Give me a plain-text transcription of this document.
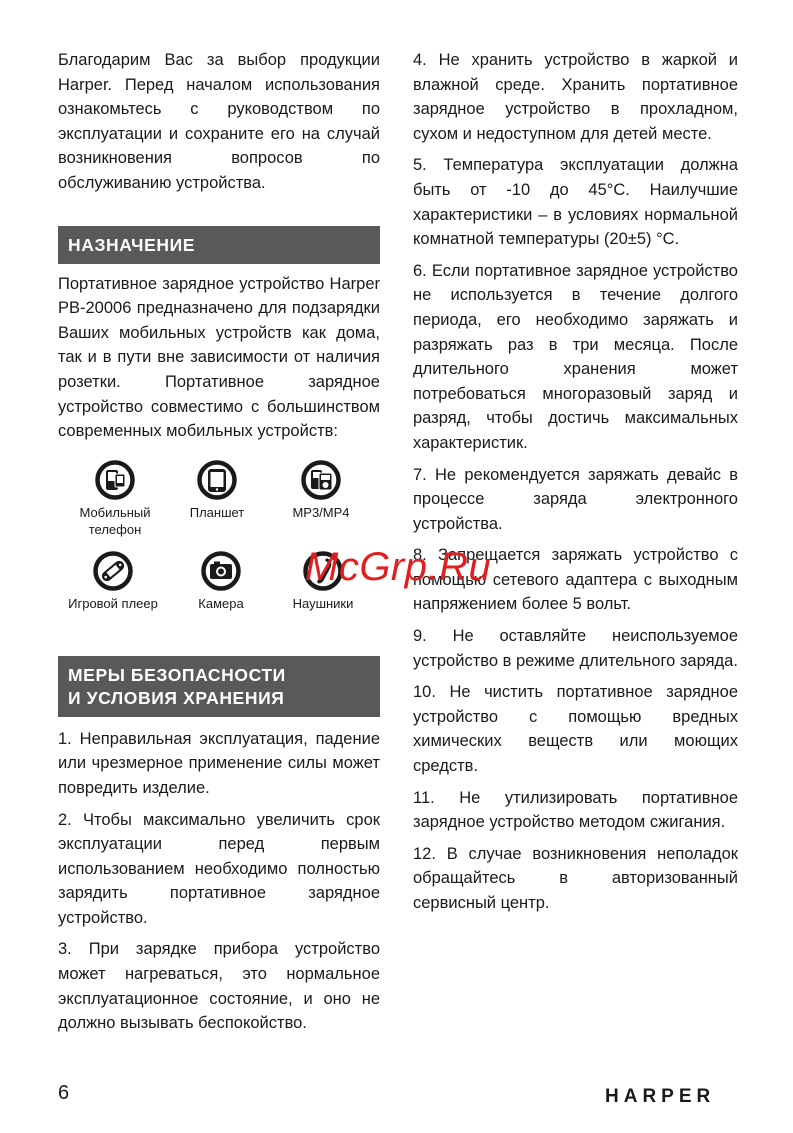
Благодарим Вас за выбор продукции Harper. Перед началом использования ознакомьтесь с руководством по эксплуатации и сохраните его на случай возникновения вопросов по обслуживанию устройства.

НАЗНАЧЕНИЕ

Портативное зарядное устройство Harper PB-20006 предназначено для подзарядки Ваших мобильных устройств как дома, так и в пути вне зависимости от наличия розетки. Портативное зарядное устройство совместимо с большинством современных мобильных устройств:

Мобильный телефон
Планшет	MP3/MP4
Игровой плеер	Камера	Наушники
МЕРЫ БЕЗОПАСНОСТИ
И УСЛОВИЯ ХРАНЕНИЯ

1. Неправильная эксплуатация, падение или чрезмерное применение силы может повредить изделие.

2. Чтобы максимально увеличить срок эксплуатации перед первым использованием необходимо полностью зарядить портативное зарядное устройство.

3. При зарядке прибора устройство может нагреваться, это нормальное эксплуатационное состояние, и оно не должно вызывать беспокойство.

4. Не хранить устройство в жаркой и влажной среде. Хранить портативное зарядное устройство в прохладном, сухом и недоступном для детей месте.

5. Температура эксплуатации должна быть от -10 до 45°C. Наилучшие характеристики – в условиях нормальной комнатной температуры (20±5) °C.

6. Если портативное зарядное устройство не используется в течение долгого периода, его необходимо заряжать и разряжать раз в три месяца. После длительного хранения может потребоваться многоразовый заряд и разряд, чтобы достичь максимальных характеристик.

7. Не рекомендуется заряжать девайс в процессе заряда электронного устройства.

8. Запрещается заряжать устройство с помощью сетевого адаптера с выходным напряжением более 5 вольт.

9. Не оставляйте неиспользуемое устройство в режиме длительного заряда.

10. Не чистить портативное зарядное устройство с помощью вредных химических веществ или моющих средств.

11. Не утилизировать портативное зарядное устройство методом сжигания.

12. В случае возникновения неполадок обращайтесь в авторизованный сервисный центр.

McGrp.Ru
6	HARPER
